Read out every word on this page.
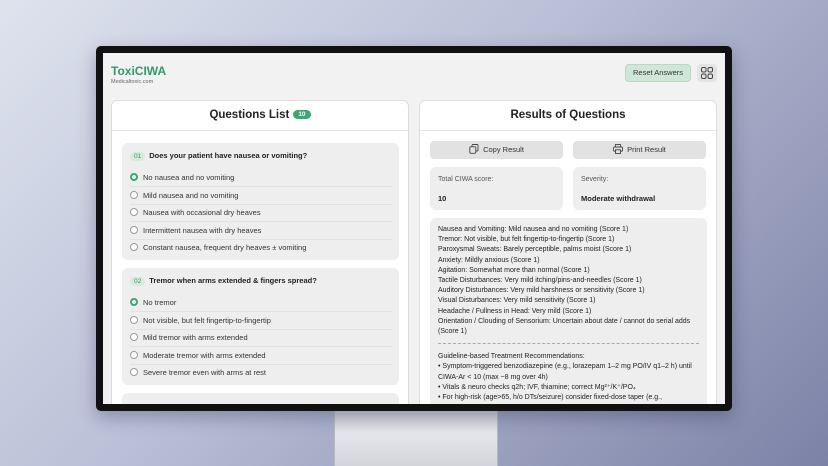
ToxiCIWA
Medicaltoxic.com
Reset Answers
Questions List 10
01 Does your patient have nausea or vomiting?
No nausea and no vomiting
Mild nausea and no vomiting
Nausea with occasional dry heaves
Intermittent nausea with dry heaves
Constant nausea, frequent dry heaves ± vomiting
02 Tremor when arms extended & fingers spread?
No tremor
Not visible, but felt fingertip-to-fingertip
Mild tremor with arms extended
Moderate tremor with arms extended
Severe tremor even with arms at rest
Results of Questions
Copy Result	Print Result
Total CIWA score:
10
Severity:
Moderate withdrawal
Nausea and Vomiting: Mild nausea and no vomiting (Score 1)
Tremor: Not visible, but felt fingertip-to-fingertip (Score 1)
Paroxysmal Sweats: Barely perceptible, palms moist (Score 1)
Anxiety: Mildly anxious (Score 1)
Agitation: Somewhat more than normal (Score 1)
Tactile Disturbances: Very mild itching/pins-and-needles (Score 1)
Auditory Disturbances: Very mild harshness or sensitivity (Score 1)
Visual Disturbances: Very mild sensitivity (Score 1)
Headache / Fullness in Head: Very mild (Score 1)
Orientation / Clouding of Sensorium: Uncertain about date / cannot do serial adds (Score 1)
Guideline-based Treatment Recommendations:
• Symptom-triggered benzodiazepine (e.g., lorazepam 1–2 mg PO/IV q1–2 h) until CIWA-Ar < 10 (max ~8 mg over 4h)
• Vitals & neuro checks q2h; IVF, thiamine; correct Mg²⁺/K⁺/PO₄
• For high-risk (age>65, h/o DTs/seizure) consider fixed-dose taper (e.g.,
